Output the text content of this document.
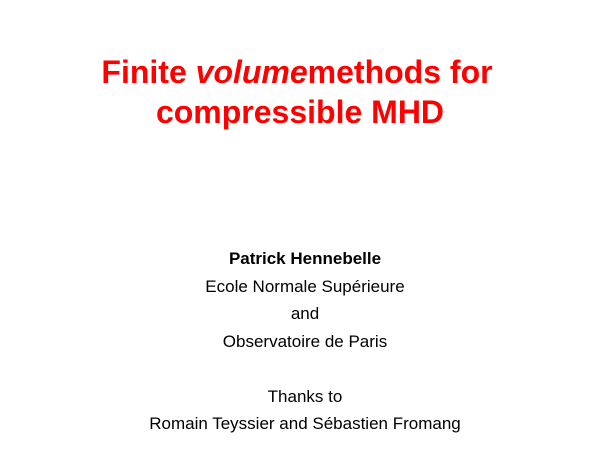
Finite volumemethods for
compressible MHD
Patrick Hennebelle
Ecole Normale Supérieure
and
Observatoire de Paris
Thanks to
Romain Teyssier and Sébastien Fromang
